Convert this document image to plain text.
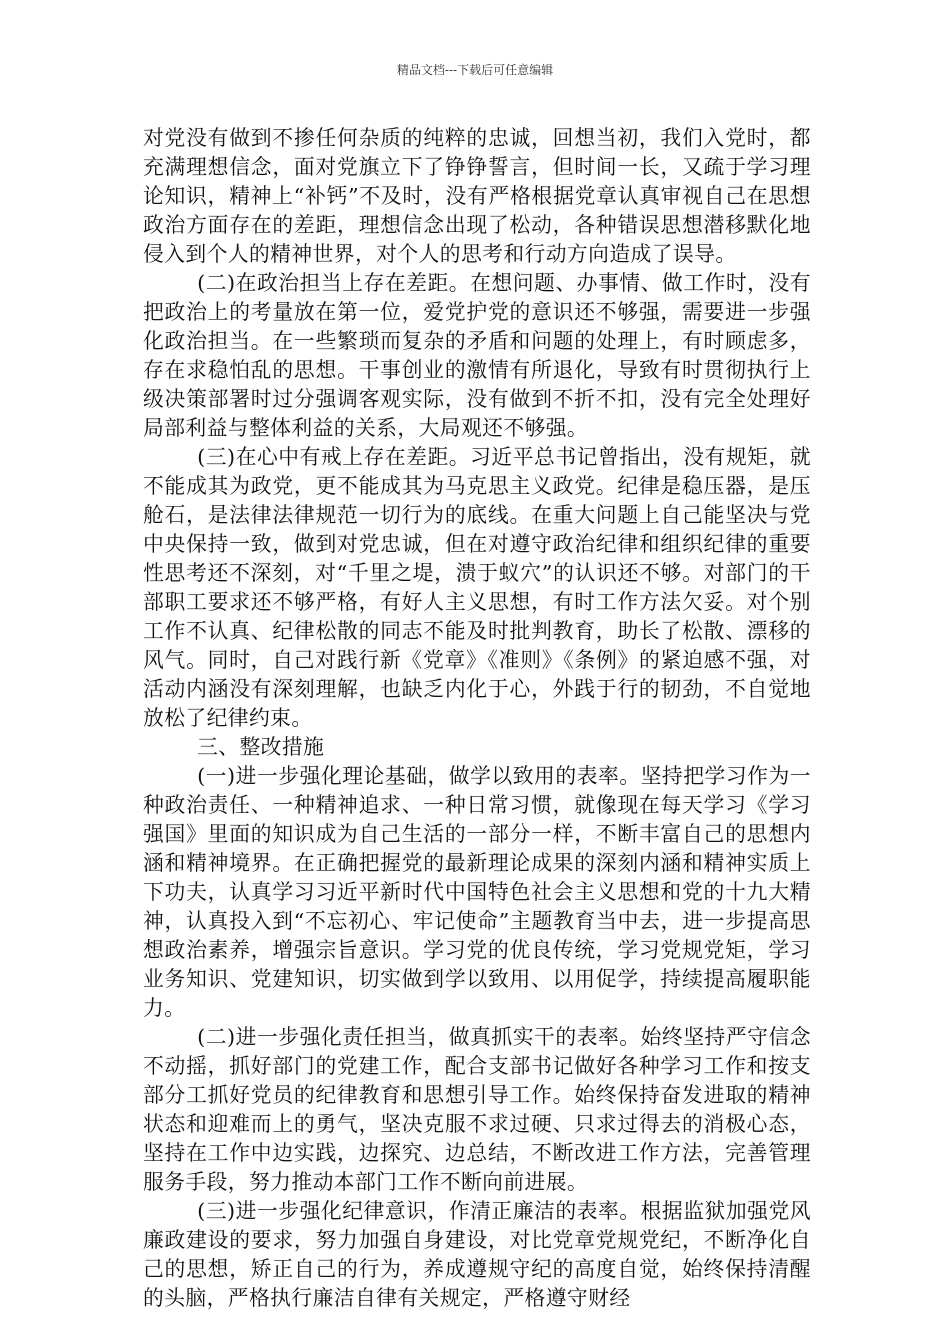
精品文档---下载后可任意编辑

对党没有做到不掺任何杂质的纯粹的忠诚，回想当初，我们入党时，都充满理想信念，面对党旗立下了铮铮誓言，但时间一长，又疏于学习理论知识，精神上“补钙”不及时，没有严格根据党章认真审视自己在思想政治方面存在的差距，理想信念出现了松动，各种错误思想潜移默化地侵入到个人的精神世界，对个人的思考和行动方向造成了误导。

(二)在政治担当上存在差距。在想问题、办事情、做工作时，没有把政治上的考量放在第一位，爱党护党的意识还不够强，需要进一步强化政治担当。在一些繁琐而复杂的矛盾和问题的处理上，有时顾虑多，存在求稳怕乱的思想。干事创业的激情有所退化，导致有时贯彻执行上级决策部署时过分强调客观实际，没有做到不折不扣，没有完全处理好局部利益与整体利益的关系，大局观还不够强。

(三)在心中有戒上存在差距。习近平总书记曾指出，没有规矩，就不能成其为政党，更不能成其为马克思主义政党。纪律是稳压器，是压舱石，是法律法律规范一切行为的底线。在重大问题上自己能坚决与党中央保持一致，做到对党忠诚，但在对遵守政治纪律和组织纪律的重要性思考还不深刻，对“千里之堤，溃于蚁穴”的认识还不够。对部门的干部职工要求还不够严格，有好人主义思想，有时工作方法欠妥。对个别工作不认真、纪律松散的同志不能及时批判教育，助长了松散、漂移的风气。同时，自己对践行新《党章》《准则》《条例》的紧迫感不强，对活动内涵没有深刻理解，也缺乏内化于心，外践于行的韧劲，不自觉地放松了纪律约束。

三、整改措施

(一)进一步强化理论基础，做学以致用的表率。坚持把学习作为一种政治责任、一种精神追求、一种日常习惯，就像现在每天学习《学习强国》里面的知识成为自己生活的一部分一样，不断丰富自己的思想内涵和精神境界。在正确把握党的最新理论成果的深刻内涵和精神实质上下功夫，认真学习习近平新时代中国特色社会主义思想和党的十九大精神，认真投入到“不忘初心、牢记使命”主题教育当中去，进一步提高思想政治素养，增强宗旨意识。学习党的优良传统，学习党规党矩，学习业务知识、党建知识，切实做到学以致用、以用促学，持续提高履职能力。

(二)进一步强化责任担当，做真抓实干的表率。始终坚持严守信念不动摇，抓好部门的党建工作，配合支部书记做好各种学习工作和按支部分工抓好党员的纪律教育和思想引导工作。始终保持奋发进取的精神状态和迎难而上的勇气，坚决克服不求过硬、只求过得去的消极心态，坚持在工作中边实践，边探究、边总结，不断改进工作方法，完善管理服务手段，努力推动本部门工作不断向前进展。

(三)进一步强化纪律意识，作清正廉洁的表率。根据监狱加强党风廉政建设的要求，努力加强自身建设，对比党章党规党纪，不断净化自己的思想，矫正自己的行为，养成遵规守纪的高度自觉，始终保持清醒的头脑，严格执行廉洁自律有关规定，严格遵守财经
